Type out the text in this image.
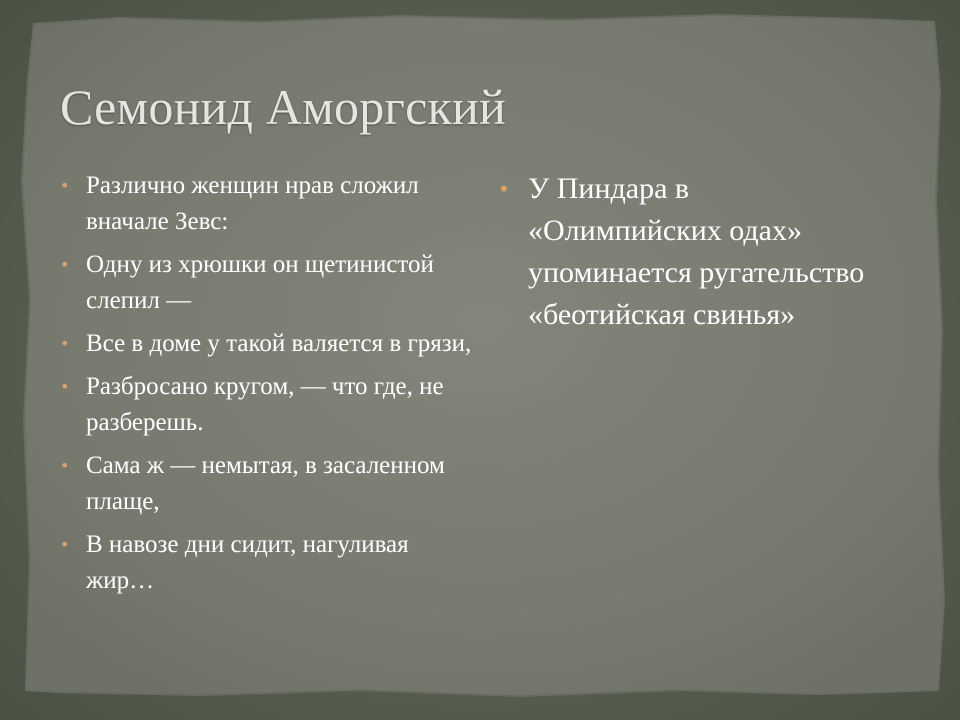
Семонид Аморгский
• Различно женщин нрав сложил вначале Зевс:
• Одну из хрюшки он щетинистой слепил —
• Все в доме у такой валяется в грязи,
• Разбросано кругом, — что где, не разберешь.
• Сама ж — немытая, в засаленном плаще,
• В навозе дни сидит, нагуливая жир…
• У Пиндара в «Олимпийских одах» упоминается ругательство «беотийская свинья»
